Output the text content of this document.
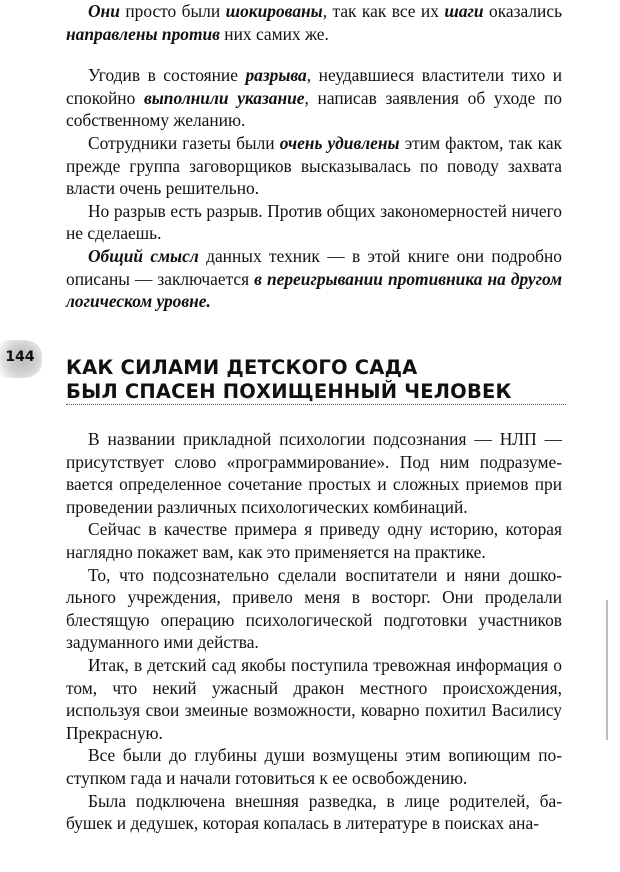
Они просто были шокированы, так как все их шаги оказались направлены против них самих же.

Угодив в состояние разрыва, неудавшиеся властители тихо и спокойно выполнили указание, написав заявления об уходе по собственному желанию.

Сотрудники газеты были очень удивлены этим фактом, так как прежде группа заговорщиков высказывалась по поводу захвата власти очень решительно.

Но разрыв есть разрыв. Против общих закономерностей ничего не сделаешь.

Общий смысл данных техник — в этой книге они подробно описаны — заключается в переигрывании противника на другом логическом уровне.

144 КАК СИЛАМИ ДЕТСКОГО САДА
БЫЛ СПАСЕН ПОХИЩЕННЫЙ ЧЕЛОВЕК

В названии прикладной психологии подсознания — НЛП — присутствует слово «программирование». Под ним подразумевается определенное сочетание простых и сложных приемов при проведении различных психологических комбинаций.

Сейчас в качестве примера я приведу одну историю, которая наглядно покажет вам, как это применяется на практике.

То, что подсознательно сделали воспитатели и няни дошкольного учреждения, привело меня в восторг. Они проделали блестящую операцию психологической подготовки участников задуманного ими действа.

Итак, в детский сад якобы поступила тревожная информация о том, что некий ужасный дракон местного происхождения, используя свои змеиные возможности, коварно похитил Василису Прекрасную.

Все были до глубины души возмущены этим вопиющим поступком гада и начали готовиться к ее освобождению.

Была подключена внешняя разведка, в лице родителей, бабушек и дедушек, которая копалась в литературе в поисках ана-
